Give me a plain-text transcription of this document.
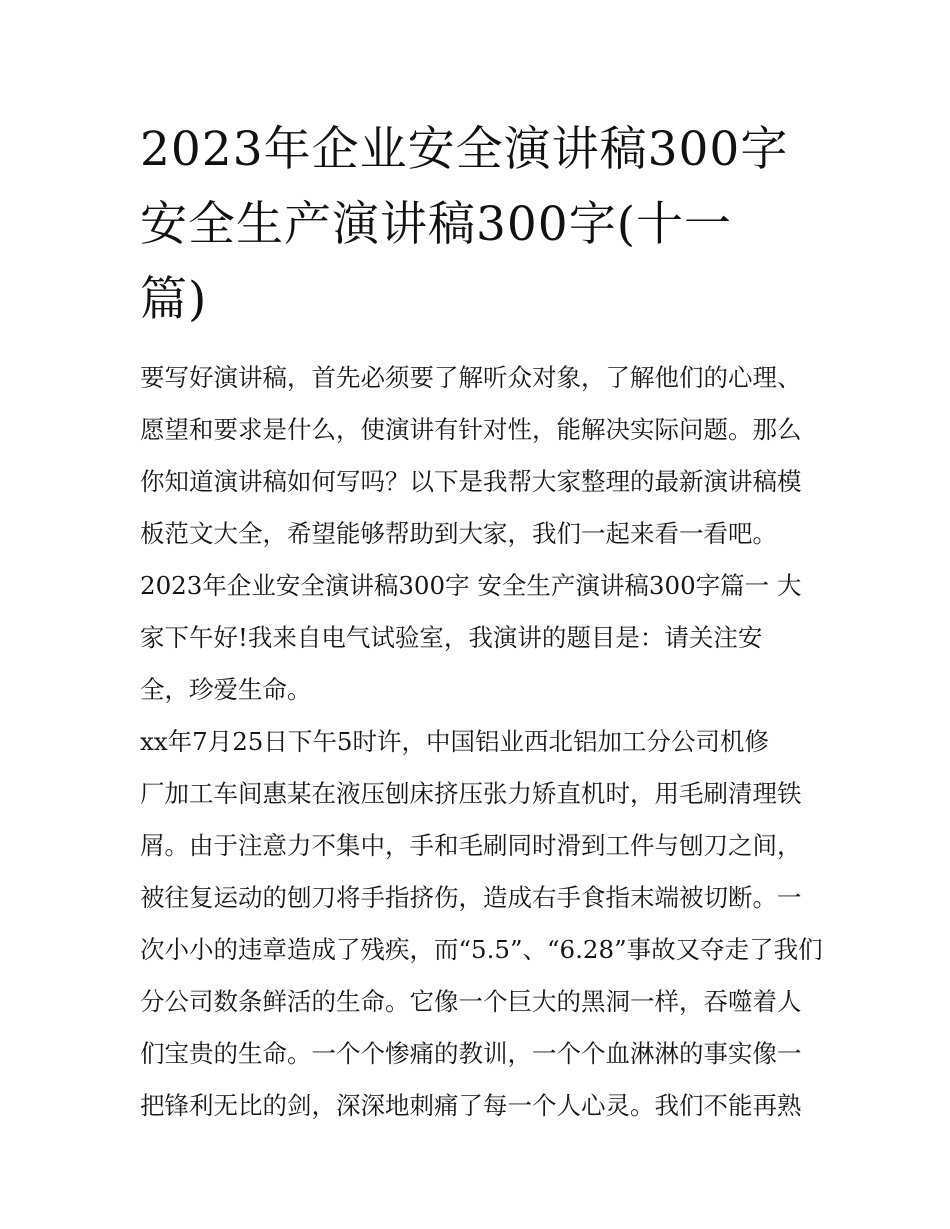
2023年企业安全演讲稿300字
安全生产演讲稿300字(十一
篇)
要写好演讲稿，首先必须要了解听众对象，了解他们的心理、
愿望和要求是什么，使演讲有针对性，能解决实际问题。那么
你知道演讲稿如何写吗？以下是我帮大家整理的最新演讲稿模
板范文大全，希望能够帮助到大家，我们一起来看一看吧。
2023年企业安全演讲稿300字 安全生产演讲稿300字篇一 大
家下午好!我来自电气试验室，我演讲的题目是：请关注安
全，珍爱生命。
xx年7月25日下午5时许，中国铝业西北铝加工分公司机修
厂加工车间惠某在液压刨床挤压张力矫直机时，用毛刷清理铁
屑。由于注意力不集中，手和毛刷同时滑到工件与刨刀之间，
被往复运动的刨刀将手指挤伤，造成右手食指末端被切断。一
次小小的违章造成了残疾，而“5.5”、“6.28”事故又夺走了我们
分公司数条鲜活的生命。它像一个巨大的黑洞一样，吞噬着人
们宝贵的生命。一个个惨痛的教训，一个个血淋淋的事实像一
把锋利无比的剑，深深地刺痛了每一个人心灵。我们不能再熟
